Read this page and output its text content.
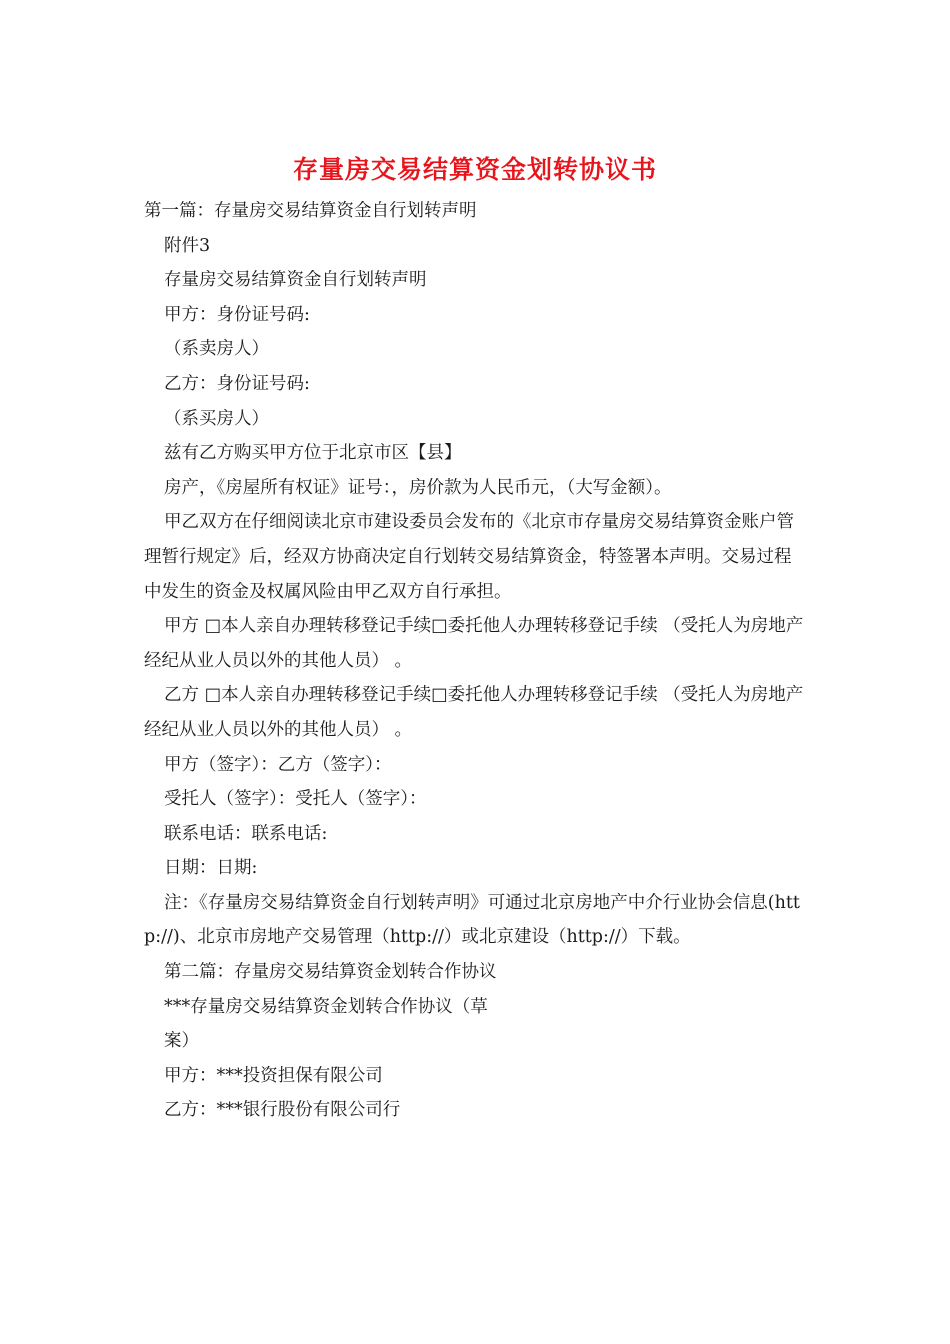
存量房交易结算资金划转协议书

第一篇：存量房交易结算资金自行划转声明

附件3

存量房交易结算资金自行划转声明

甲方：身份证号码:

（系卖房人）

乙方：身份证号码:

（系买房人）

兹有乙方购买甲方位于北京市区【县】

房产，《房屋所有权证》证号：，房价款为人民币元，（大写金额）。

甲乙双方在仔细阅读北京市建设委员会发布的《北京市存量房交易结算资金账户管理暂行规定》后，经双方协商决定自行划转交易结算资金，特签署本声明。交易过程中发生的资金及权属风险由甲乙双方自行承担。

甲方 □本人亲自办理转移登记手续□委托他人办理转移登记手续 （受托人为房地产经纪从业人员以外的其他人员） 。

乙方 □本人亲自办理转移登记手续□委托他人办理转移登记手续 （受托人为房地产经纪从业人员以外的其他人员） 。

甲方（签字）：乙方（签字）：

受托人（签字）：受托人（签字）：

联系电话：联系电话:

日期：日期:

注：《存量房交易结算资金自行划转声明》可通过北京房地产中介行业协会信息(http://)、北京市房地产交易管理（http://）或北京建设（http://）下载。

第二篇：存量房交易结算资金划转合作协议

***存量房交易结算资金划转合作协议（草

案）

甲方：***投资担保有限公司

乙方：***银行股份有限公司行
